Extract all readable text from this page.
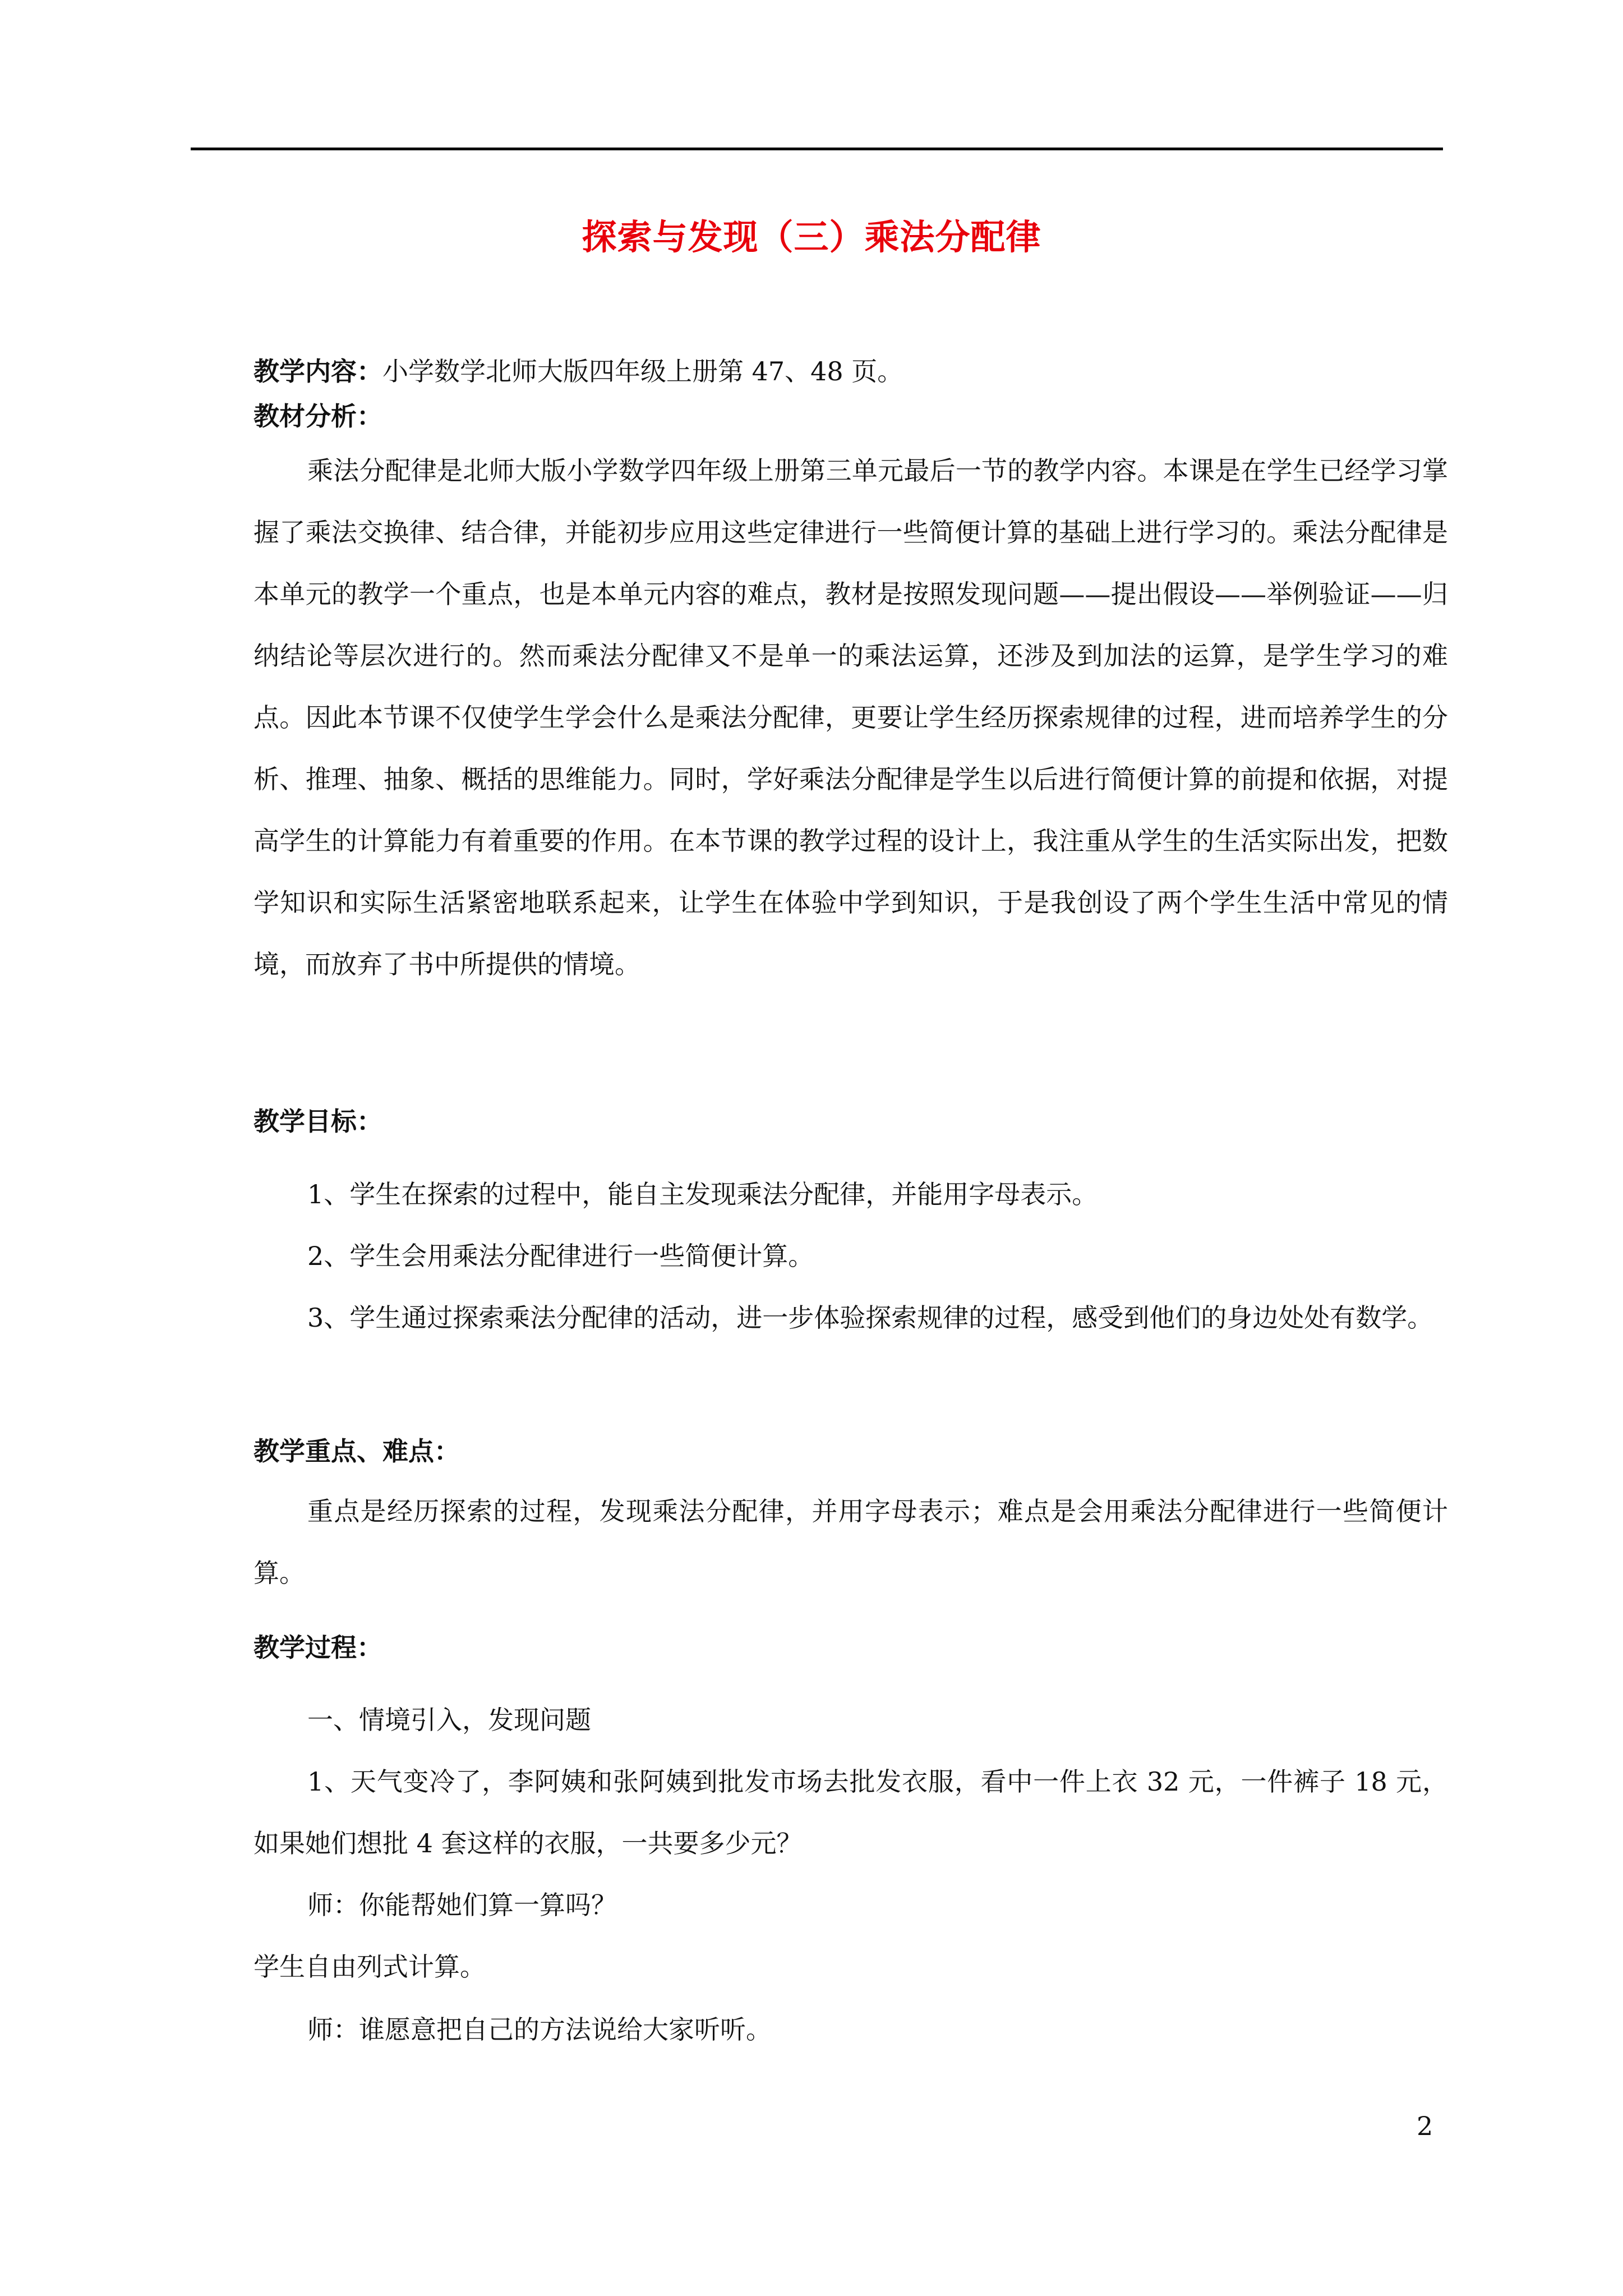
探索与发现（三）乘法分配律
教学内容：小学数学北师大版四年级上册第 47、48 页。
教材分析：
乘法分配律是北师大版小学数学四年级上册第三单元最后一节的教学内容。本课是在学生已经学习掌握了乘法交换律、结合律，并能初步应用这些定律进行一些简便计算的基础上进行学习的。乘法分配律是本单元的教学一个重点，也是本单元内容的难点，教材是按照发现问题——提出假设——举例验证——归纳结论等层次进行的。然而乘法分配律又不是单一的乘法运算，还涉及到加法的运算，是学生学习的难点。因此本节课不仅使学生学会什么是乘法分配律，更要让学生经历探索规律的过程，进而培养学生的分析、推理、抽象、概括的思维能力。同时，学好乘法分配律是学生以后进行简便计算的前提和依据，对提高学生的计算能力有着重要的作用。在本节课的教学过程的设计上，我注重从学生的生活实际出发，把数学知识和实际生活紧密地联系起来，让学生在体验中学到知识，于是我创设了两个学生生活中常见的情境，而放弃了书中所提供的情境。
教学目标：
1、学生在探索的过程中，能自主发现乘法分配律，并能用字母表示。
2、学生会用乘法分配律进行一些简便计算。
3、学生通过探索乘法分配律的活动，进一步体验探索规律的过程，感受到他们的身边处处有数学。
教学重点、难点：
重点是经历探索的过程，发现乘法分配律，并用字母表示；难点是会用乘法分配律进行一些简便计算。
教学过程：
一、情境引入，发现问题
1、天气变冷了，李阿姨和张阿姨到批发市场去批发衣服，看中一件上衣 32 元，一件裤子 18 元，如果她们想批 4 套这样的衣服，一共要多少元？
师：你能帮她们算一算吗？
学生自由列式计算。
师：谁愿意把自己的方法说给大家听听。
2
